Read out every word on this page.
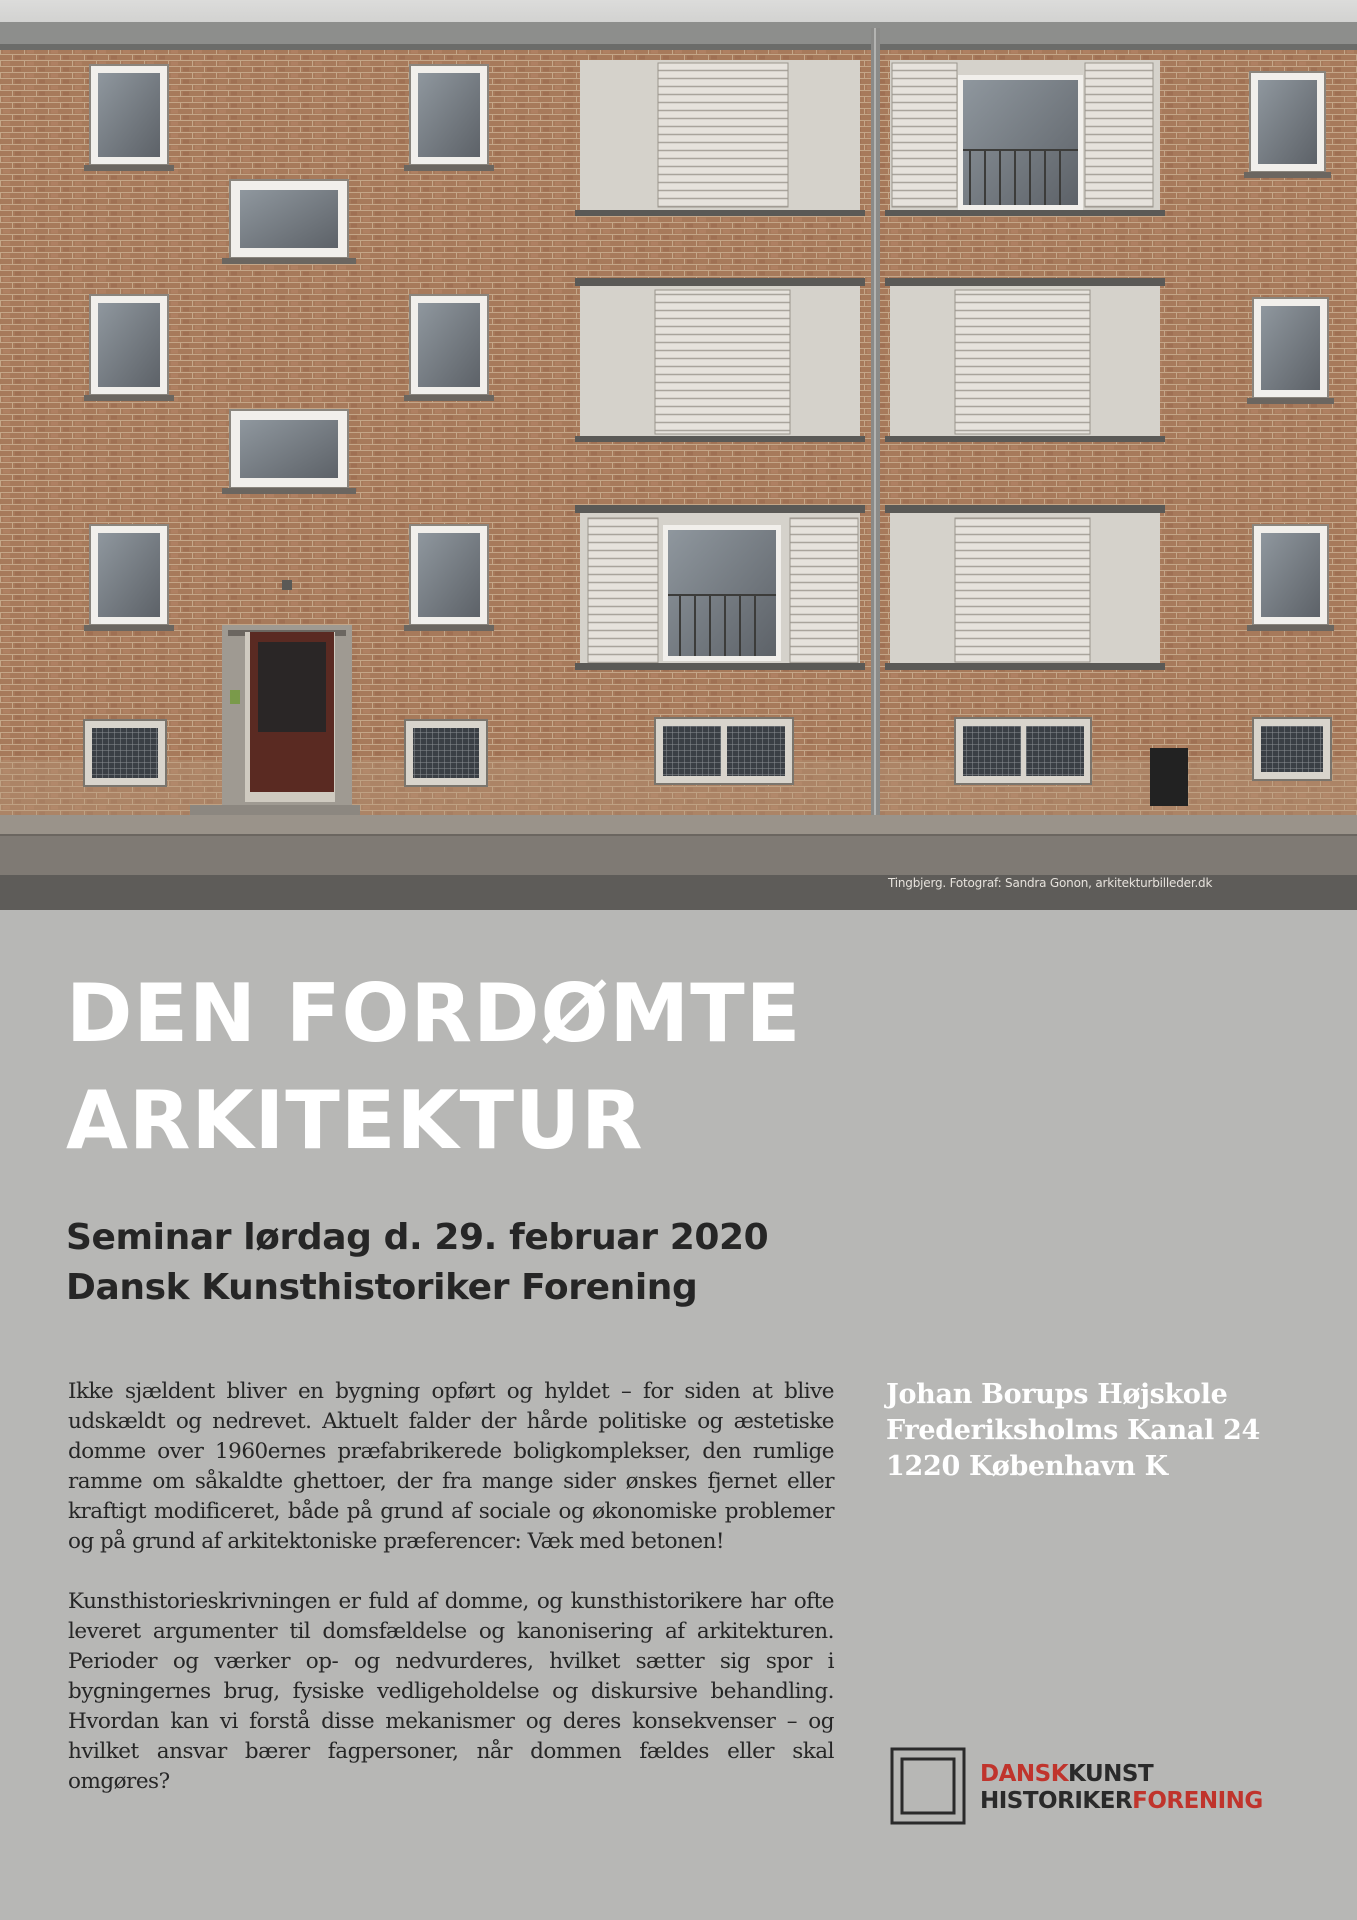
Tingbjerg. Fotograf: Sandra Gonon, arkitekturbilleder.dk
DEN FORDØMTE
ARKITEKTUR
Seminar lørdag d. 29. februar 2020
Dansk Kunsthistoriker Forening

Ikke sjældent bliver en bygning opført og hyldet – for siden at blive udskældt og nedrevet. Aktuelt falder der hårde politiske og æstetiske domme over 1960ernes præfabrikerede boligkomplekser, den rumlige ramme om såkaldte ghettoer, der fra mange sider ønskes fjernet eller kraftigt modificeret, både på grund af sociale og økonomiske problemer og på grund af arkitektoniske præferencer: Væk med betonen!

Kunsthistorieskrivningen er fuld af domme, og kunsthistorikere har ofte leveret argumenter til domsfældelse og kanonisering af arkitekturen. Perioder og værker op- og nedvurderes, hvilket sætter sig spor i bygningernes brug, fysiske vedligeholdelse og diskursive behandling. Hvordan kan vi forstå disse mekanismer og deres konsekvenser – og hvilket ansvar bærer fagpersoner, når dommen fældes eller skal omgøres?

Johan Borups Højskole
Frederiksholms Kanal 24
1220 København K
DANSKKUNST
HISTORIKERFORENING
